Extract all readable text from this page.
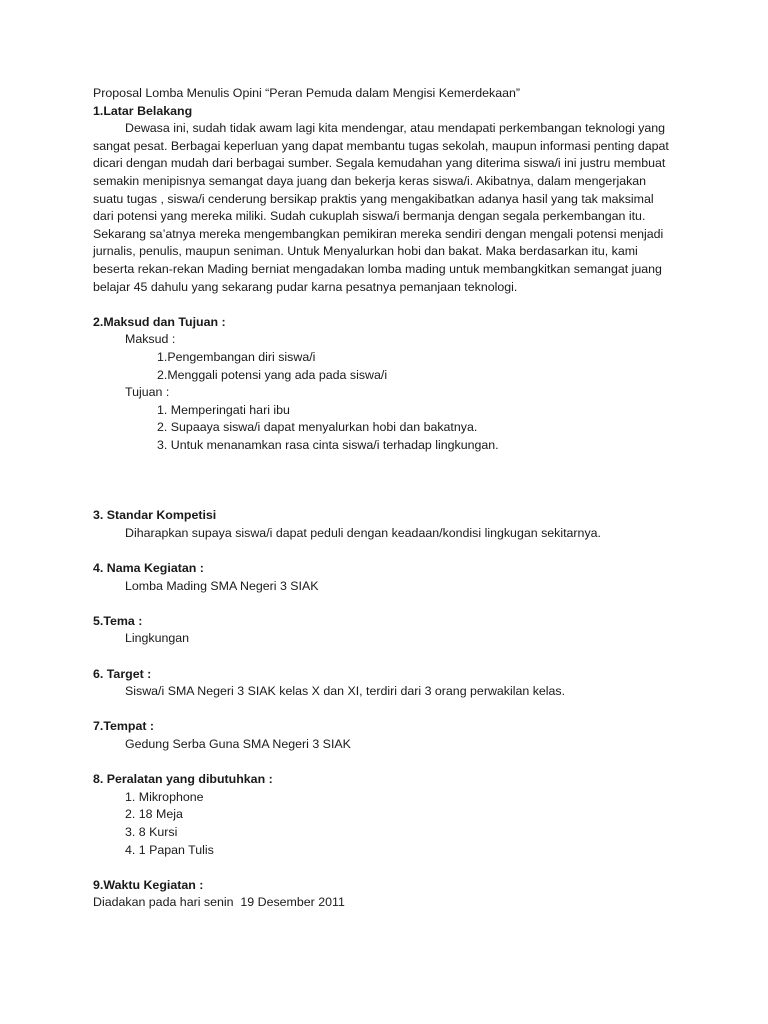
Proposal Lomba Menulis Opini “Peran Pemuda dalam Mengisi Kemerdekaan”
1.Latar Belakang
Dewasa ini, sudah tidak awam lagi kita mendengar, atau mendapati perkembangan teknologi yang sangat pesat. Berbagai keperluan yang dapat membantu tugas sekolah, maupun informasi penting dapat dicari dengan mudah dari berbagai sumber. Segala kemudahan yang diterima siswa/i ini justru membuat semakin menipisnya semangat daya juang dan bekerja keras siswa/i. Akibatnya, dalam mengerjakan suatu tugas , siswa/i cenderung bersikap praktis yang mengakibatkan adanya hasil yang tak maksimal dari potensi yang mereka miliki. Sudah cukuplah siswa/i bermanja dengan segala perkembangan itu. Sekarang sa’atnya mereka mengembangkan pemikiran mereka sendiri dengan mengali potensi menjadi jurnalis, penulis, maupun seniman. Untuk Menyalurkan hobi dan bakat. Maka berdasarkan itu, kami beserta rekan-rekan Mading berniat mengadakan lomba mading untuk membangkitkan semangat juang belajar 45 dahulu yang sekarang pudar karna pesatnya pemanjaan teknologi.
2.Maksud dan Tujuan :
Maksud :
1.Pengembangan diri siswa/i
2.Menggali potensi yang ada pada siswa/i
Tujuan :
1. Memperingati hari ibu
2. Supaaya siswa/i dapat menyalurkan hobi dan bakatnya.
3. Untuk menanamkan rasa cinta siswa/i terhadap lingkungan.
3. Standar Kompetisi
Diharapkan supaya siswa/i dapat peduli dengan keadaan/kondisi lingkugan sekitarnya.
4. Nama Kegiatan :
Lomba Mading SMA Negeri 3 SIAK
5.Tema :
Lingkungan
6. Target :
Siswa/i SMA Negeri 3 SIAK kelas X dan XI, terdiri dari 3 orang perwakilan kelas.
7.Tempat :
Gedung Serba Guna SMA Negeri 3 SIAK
8. Peralatan yang dibutuhkan :
1. Mikrophone
2. 18 Meja
3. 8 Kursi
4. 1 Papan Tulis
9.Waktu Kegiatan :
Diadakan pada hari senin  19 Desember 2011
